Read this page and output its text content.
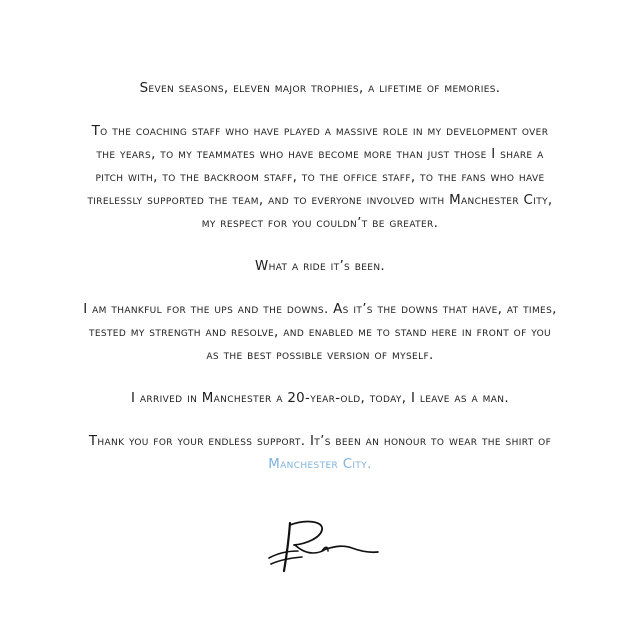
Seven seasons, eleven major trophies, a lifetime of memories.

To the coaching staff who have played a massive role in my development over
the years, to my teammates who have become more than just those I share a
pitch with, to the backroom staff, to the office staff, to the fans who have
tirelessly supported the team, and to everyone involved with Manchester City,
my respect for you couldn’t be greater.

What a ride it’s been.

I am thankful for the ups and the downs. As it’s the downs that have, at times,
tested my strength and resolve, and enabled me to stand here in front of you
as the best possible version of myself.

I arrived in Manchester a 20-year-old, today, I leave as a man.

Thank you for your endless support. It’s been an honour to wear the shirt of
Manchester City.
